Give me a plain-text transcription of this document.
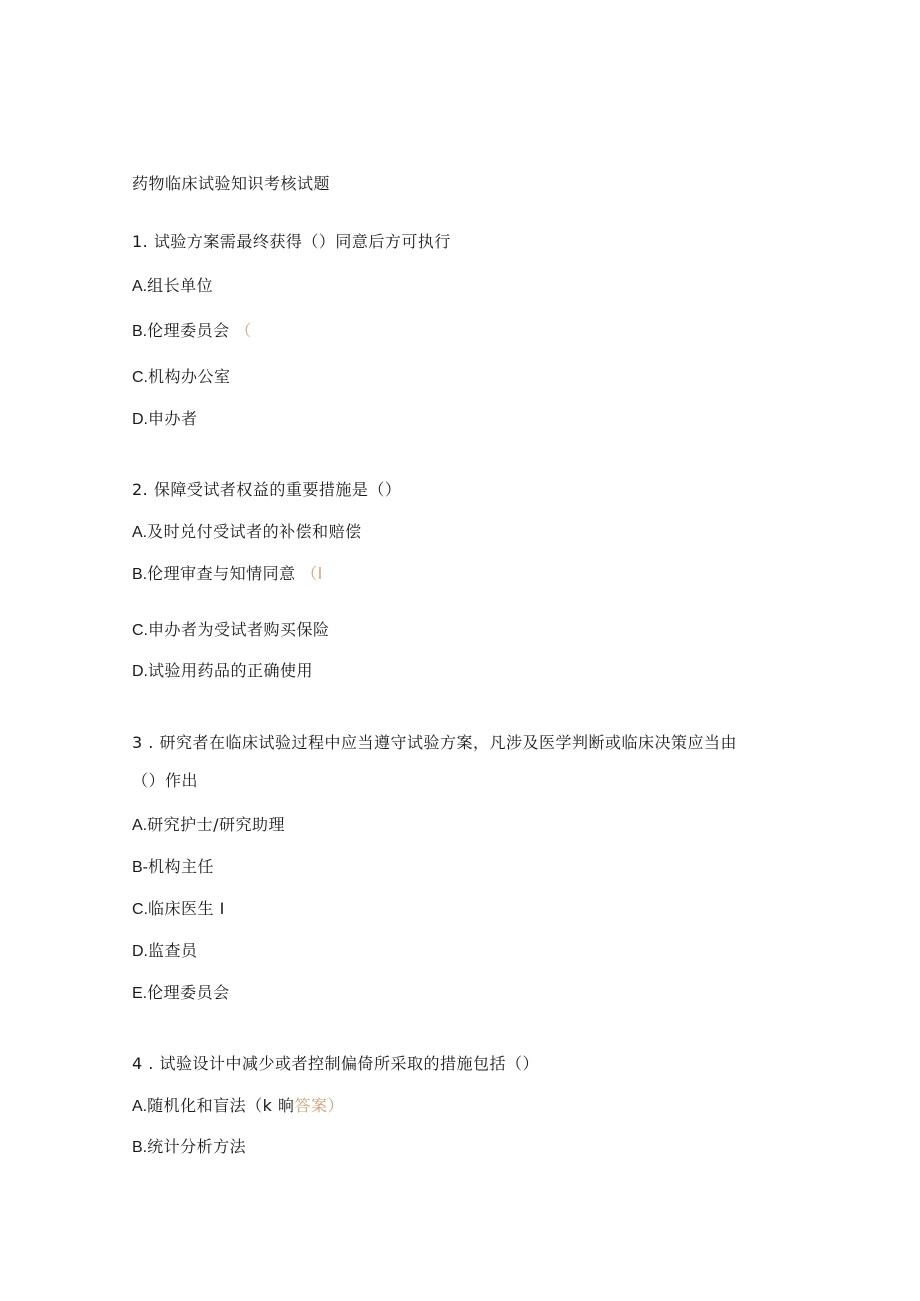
药物临床试验知识考核试题
1. 试验方案需最终获得（）同意后方可执行
A.组长单位
B.伦理委员会 （
C.机构办公室
D.申办者
2. 保障受试者权益的重要措施是（）
A.及时兑付受试者的补偿和赔偿
B.伦理审查与知情同意 （l
C.申办者为受试者购买保险
D.试验用药品的正确使用
3 . 研究者在临床试验过程中应当遵守试验方案，凡涉及医学判断或临床决策应当由
（）作出
A.研究护士/研究助理
B-机构主任
C.临床医生 I
D.监查员
E.伦理委员会
4 . 试验设计中减少或者控制偏倚所采取的措施包括（）
A.随机化和盲法（k 晌答案）
B.统计分析方法
